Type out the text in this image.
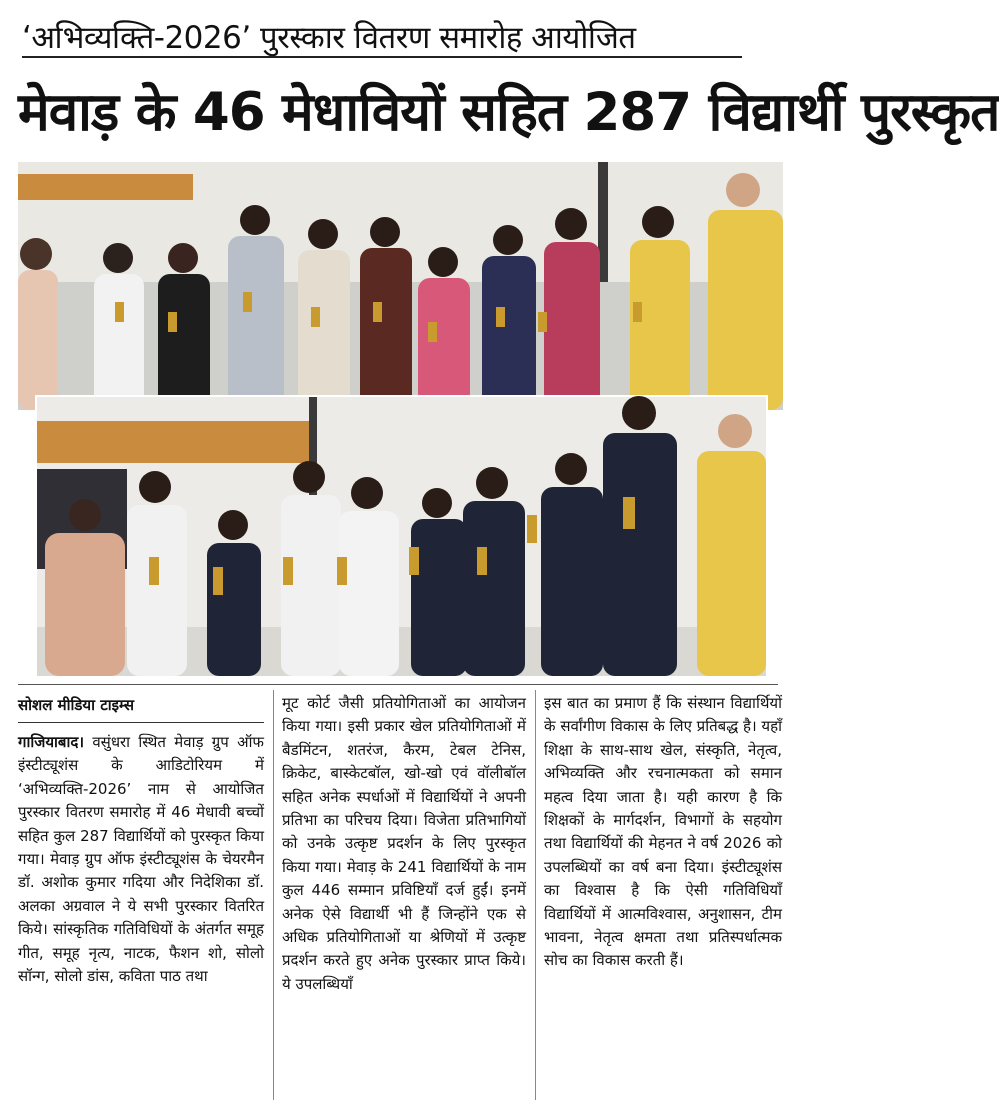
‘अभिव्यक्ति-2026’ पुरस्कार वितरण समारोह आयोजित
मेवाड़ के 46 मेधावियों सहित 287 विद्यार्थी पुरस्कृत
सोशल मीडिया टाइम्स
गाजियाबाद। वसुंधरा स्थित मेवाड़ ग्रुप ऑफ इंस्टीट्यूशंस के आडिटोरियम में ‘अभिव्यक्ति-2026’ नाम से आयोजित पुरस्कार वितरण समारोह में 46 मेधावी बच्चों सहित कुल 287 विद्यार्थियों को पुरस्कृत किया गया। मेवाड़ ग्रुप ऑफ इंस्टीट्यूशंस के चेयरमैन डॉ. अशोक कुमार गदिया और निदेशिका डॉ. अलका अग्रवाल ने ये सभी पुरस्कार वितरित किये। सांस्कृतिक गतिविधियों के अंतर्गत समूह गीत, समूह नृत्य, नाटक, फैशन शो, सोलो सॉन्ग, सोलो डांस, कविता पाठ तथा
मूट कोर्ट जैसी प्रतियोगिताओं का आयोजन किया गया। इसी प्रकार खेल प्रतियोगिताओं में बैडमिंटन, शतरंज, कैरम, टेबल टेनिस, क्रिकेट, बास्केटबॉल, खो-खो एवं वॉलीबॉल सहित अनेक स्पर्धाओं में विद्यार्थियों ने अपनी प्रतिभा का परिचय दिया। विजेता प्रतिभागियों को उनके उत्कृष्ट प्रदर्शन के लिए पुरस्कृत किया गया। मेवाड़ के 241 विद्यार्थियों के नाम कुल 446 सम्मान प्रविष्टियाँ दर्ज हुईं। इनमें अनेक ऐसे विद्यार्थी भी हैं जिन्होंने एक से अधिक प्रतियोगिताओं या श्रेणियों में उत्कृष्ट प्रदर्शन करते हुए अनेक पुरस्कार प्राप्त किये। ये उपलब्धियाँ
इस बात का प्रमाण हैं कि संस्थान विद्यार्थियों के सर्वांगीण विकास के लिए प्रतिबद्ध है। यहाँ शिक्षा के साथ-साथ खेल, संस्कृति, नेतृत्व, अभिव्यक्ति और रचनात्मकता को समान महत्व दिया जाता है। यही कारण है कि शिक्षकों के मार्गदर्शन, विभागों के सहयोग तथा विद्यार्थियों की मेहनत ने वर्ष 2026 को उपलब्धियों का वर्ष बना दिया। इंस्टीट्यूशंस का विश्वास है कि ऐसी गतिविधियाँ विद्यार्थियों में आत्मविश्वास, अनुशासन, टीम भावना, नेतृत्व क्षमता तथा प्रतिस्पर्धात्मक सोच का विकास करती हैं।
